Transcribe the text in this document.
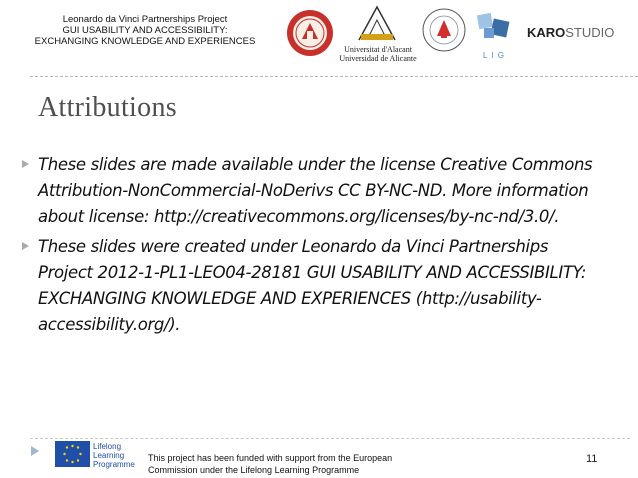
Leonardo da Vinci Partnerships Project
GUI USABILITY AND ACCESSIBILITY:
EXCHANGING KNOWLEDGE AND EXPERIENCES
Universitat d'Alacant
Universidad de Alicante	L I G
KAROSTUDIO
Attributions
These slides are made available under the license Creative Commons Attribution-NonCommercial-NoDerivs CC BY-NC-ND. More information about license: http://creativecommons.org/licenses/by-nc-nd/3.0/.
These slides were created under Leonardo da Vinci Partnerships Project 2012-1-PL1-LEO04-28181 GUI USABILITY AND ACCESSIBILITY: EXCHANGING KNOWLEDGE AND EXPERIENCES (http://usability-accessibility.org/).
Lifelong
Learning
Programme
This project has been funded with support from the European
Commission under the Lifelong Learning Programme
11
